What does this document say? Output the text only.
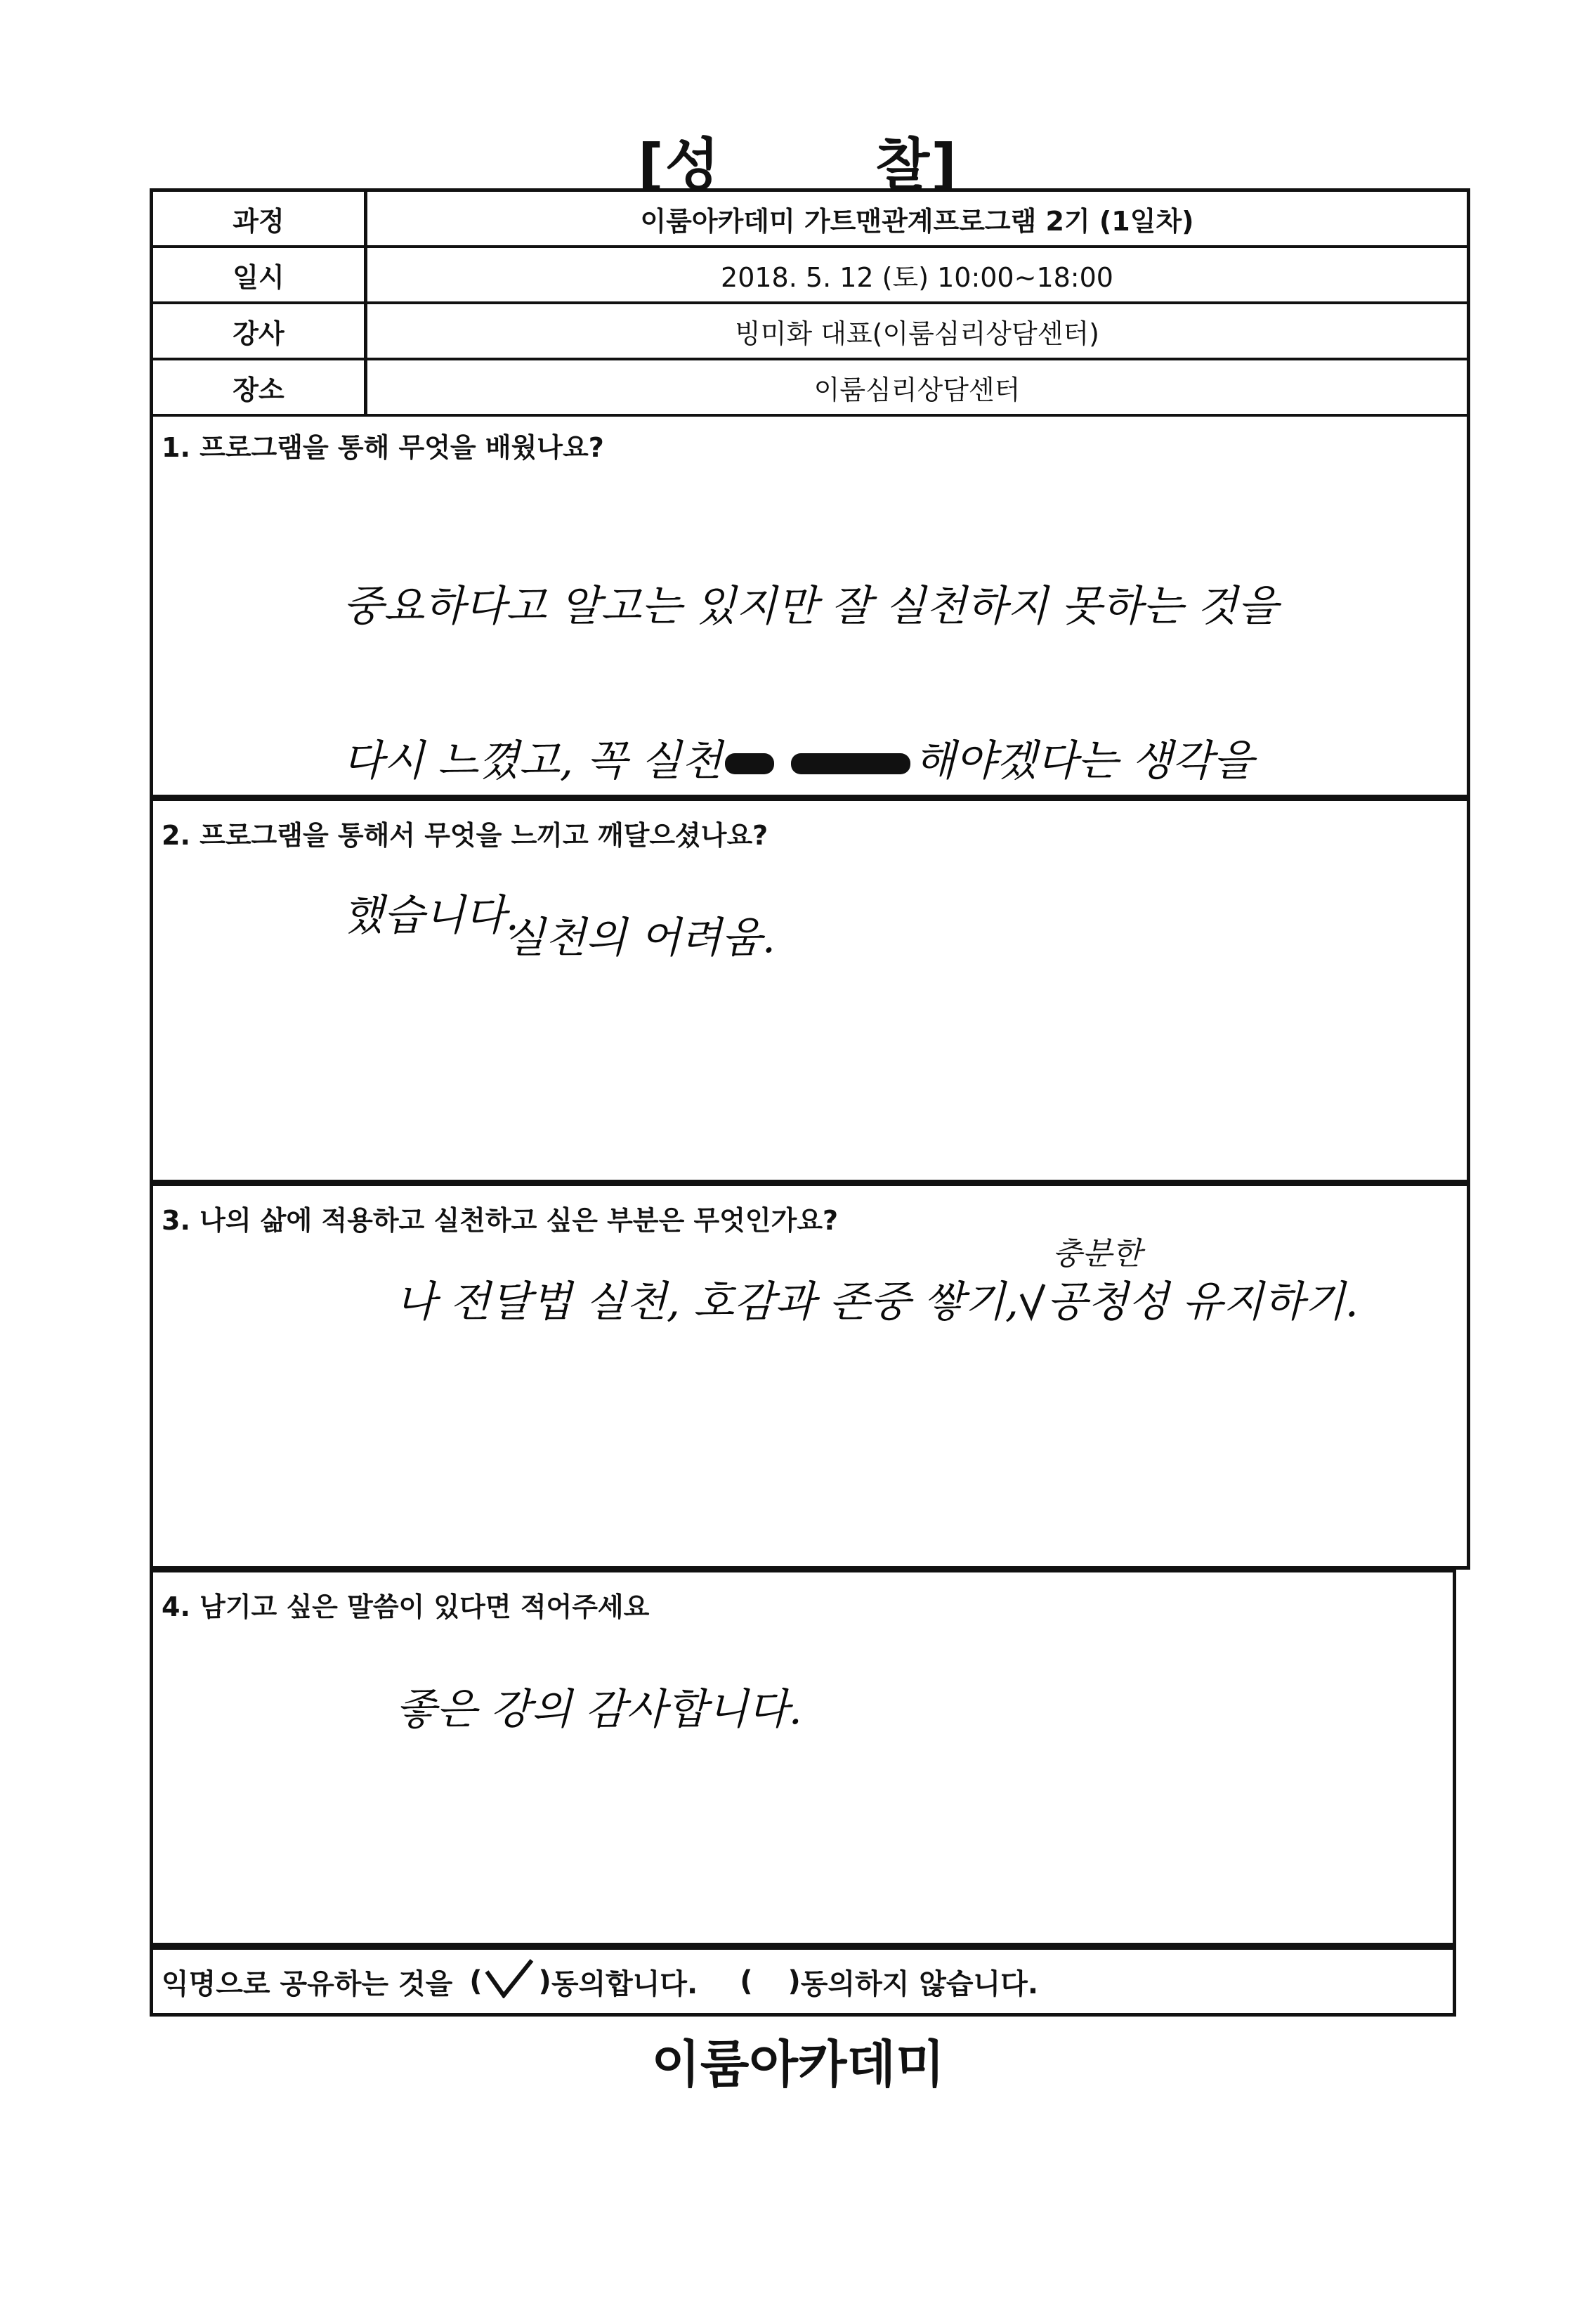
[성	찰]
과정	이룸아카데미 가트맨관계프로그램 2기 (1일차)
일시	2018. 5. 12 (토) 10:00~18:00
강사	빙미화 대표(이룸심리상담센터)
장소	이룸심리상담센터
1. 프로그램을 통해 무엇을 배웠나요?

중요하다고 알고는 있지만 잘 실천하지 못하는 것을

다시 느꼈고, 꼭 실천	해야겠다는 생각을

했습니다.

2. 프로그램을 통해서 무엇을 느끼고 깨달으셨나요?
실천의 어려움.
3. 나의 삶에 적용하고 실천하고 싶은 부분은 무엇인가요?
충분한
나 전달법 실천, 호감과 존중 쌓기, 공청성 유지하기.
4. 남기고 싶은 말씀이 있다면 적어주세요
좋은 강의 감사합니다.
익명으로 공유하는 것을 (

) 동의합니다. ( ) 동의하지 않습니다.
이룸아카데미
